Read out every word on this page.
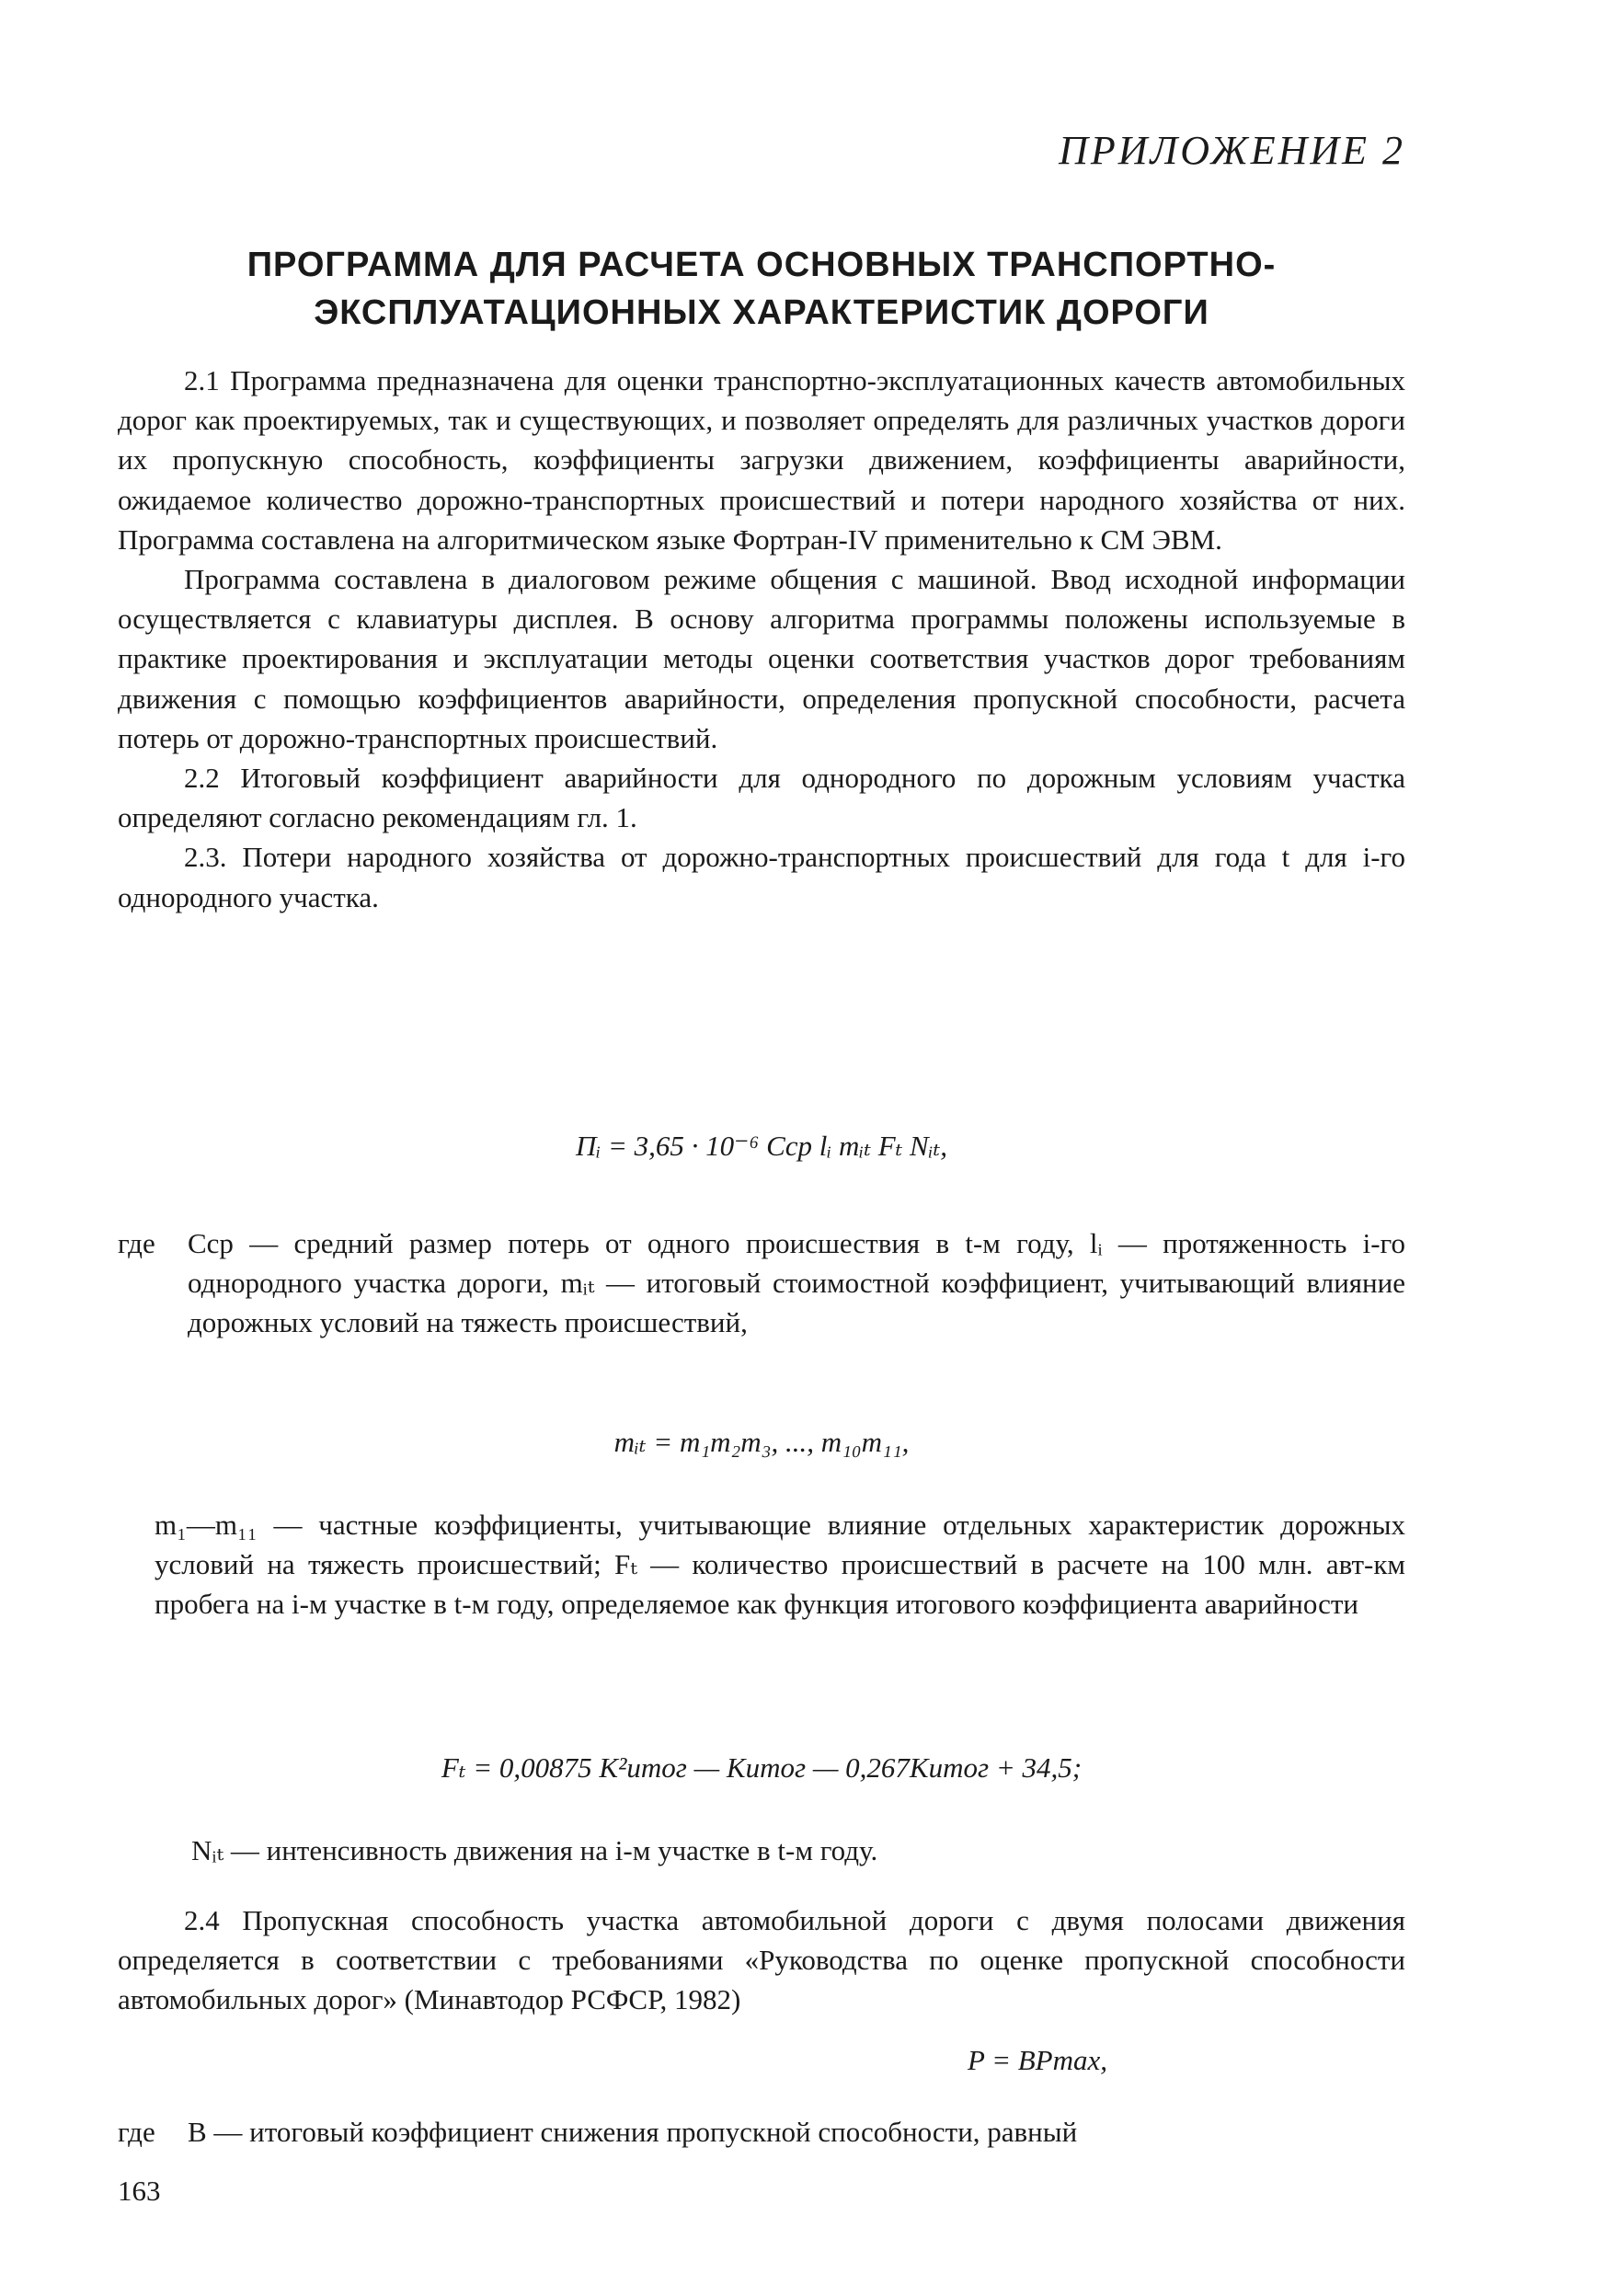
ПРИЛОЖЕНИЕ 2
ПРОГРАММА ДЛЯ РАСЧЕТА ОСНОВНЫХ ТРАНСПОРТНО-
ЭКСПЛУАТАЦИОННЫХ ХАРАКТЕРИСТИК ДОРОГИ

2.1 Программа предназначена для оценки транспортно-эксплуатационных качеств автомобильных дорог как проектируемых, так и существующих, и позволяет определять для различных участков дороги их пропускную способность, коэффициенты загрузки движением, коэффициенты аварийности, ожидаемое количество дорожно-транспортных происшествий и потери народного хозяйства от них. Программа составлена на алгоритмическом языке Фортран-IV применительно к СМ ЭВМ.

Программа составлена в диалоговом режиме общения с машиной. Ввод исходной информации осуществляется с клавиатуры дисплея. В основу алгоритма программы положены используемые в практике проектирования и эксплуатации методы оценки соответствия участков дорог требованиям движения с помощью коэффициентов аварийности, определения пропускной способности, расчета потерь от дорожно-транспортных происшествий.

2.2 Итоговый коэффициент аварийности для однородного по дорожным условиям участка определяют согласно рекомендациям гл. 1.

2.3. Потери народного хозяйства от дорожно-транспортных происшествий для года t для i-го однородного участка.

Пᵢ = 3,65 · 10⁻⁶ Cср lᵢ mᵢₜ Fₜ Nᵢₜ,
где Cср — средний размер потерь от одного происшествия в t-м году, lᵢ — протяженность i-го однородного участка дороги, mᵢₜ — итоговый стоимостной коэффициент, учитывающий влияние дорожных условий на тяжесть происшествий,
mᵢₜ = m₁m₂m₃, ..., m₁₀m₁₁,
m₁—m₁₁ — частные коэффициенты, учитывающие влияние отдельных характеристик дорожных условий на тяжесть происшествий; Fₜ — количество происшествий в расчете на 100 млн. авт-км пробега на i-м участке в t-м году, определяемое как функция итогового коэффициента аварийности
Fₜ = 0,00875 K²итог — Kитог — 0,267Kитог + 34,5;
Nᵢₜ — интенсивность движения на i-м участке в t-м году.

2.4 Пропускная способность участка автомобильной дороги с двумя полосами движения определяется в соответствии с требованиями «Руководства по оценке пропускной способности автомобильных дорог» (Минавтодор РСФСР, 1982)

P = BPmax,
где B — итоговый коэффициент снижения пропускной способности, равный
163
